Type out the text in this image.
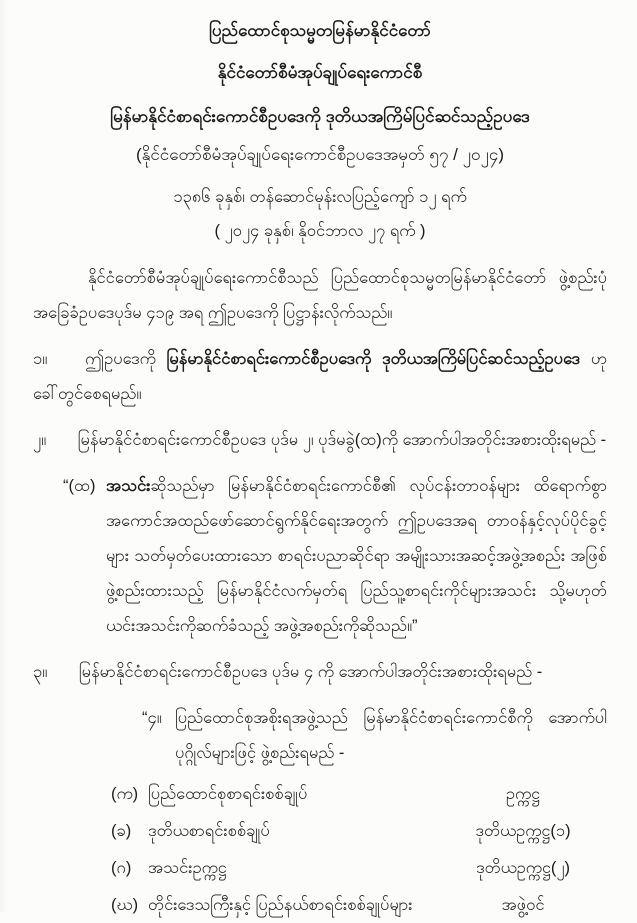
ပြည်ထောင်စုသမ္မတမြန်မာနိုင်ငံတော်
နိုင်ငံတော်စီမံအုပ်ချုပ်ရေးကောင်စီ
မြန်မာနိုင်ငံစာရင်းကောင်စီဥပဒေကို ဒုတိယအကြိမ်ပြင်ဆင်သည့်ဥပဒေ
(နိုင်ငံတော်စီမံအုပ်ချုပ်ရေးကောင်စီဥပဒေအမှတ် ၅၇ / ၂၀၂၄)
၁၃၈၆ ခုနှစ်၊ တန်ဆောင်မုန်းလပြည့်ကျော် ၁၂ ရက်
( ၂၀၂၄ ခုနှစ်၊ နိုဝင်ဘာလ ၂၇ ရက် )

နိုင်ငံတော်စီမံအုပ်ချုပ်ရေးကောင်စီသည် ပြည်ထောင်စုသမ္မတမြန်မာနိုင်ငံတော် ဖွဲ့စည်းပုံ အခြေခံဥပဒေပုဒ်မ ၄၁၉ အရ ဤဥပဒေကို ပြဋ္ဌာန်းလိုက်သည်။

၁။ ဤဥပဒေကို မြန်မာနိုင်ငံစာရင်းကောင်စီဥပဒေကို ဒုတိယအကြိမ်ပြင်ဆင်သည့်ဥပဒေ ဟု ခေါ်တွင်စေရမည်။

၂။ မြန်မာနိုင်ငံစာရင်းကောင်စီဥပဒေ ပုဒ်မ ၂၊ ပုဒ်မခွဲ(ထ)ကို အောက်ပါအတိုင်းအစားထိုးရမည် -

“(ထ) အသင်းဆိုသည်မှာ မြန်မာနိုင်ငံစာရင်းကောင်စီ၏ လုပ်ငန်းတာဝန်များ ထိရောက်စွာ အကောင်အထည်ဖော်ဆောင်ရွက်နိုင်ရေးအတွက် ဤဥပဒေအရ တာဝန်နှင့်လုပ်ပိုင်ခွင့်များ သတ်မှတ်ပေးထားသော စာရင်းပညာဆိုင်ရာ အမျိုးသားအဆင့်အဖွဲ့အစည်း အဖြစ် ဖွဲ့စည်းထားသည့် မြန်မာနိုင်ငံလက်မှတ်ရ ပြည်သူ့စာရင်းကိုင်များအသင်း သို့မဟုတ် ယင်းအသင်းကိုဆက်ခံသည့် အဖွဲ့အစည်းကိုဆိုသည်။”

၃။ မြန်မာနိုင်ငံစာရင်းကောင်စီဥပဒေ ပုဒ်မ ၄ ကို အောက်ပါအတိုင်းအစားထိုးရမည် -

“၄။ ပြည်ထောင်စုအစိုးရအဖွဲ့သည် မြန်မာနိုင်ငံစာရင်းကောင်စီကို အောက်ပါပုဂ္ဂိုလ်များဖြင့် ဖွဲ့စည်းရမည် -
(က) ပြည်ထောင်စုစာရင်းစစ်ချုပ်	ဥက္ကဋ္ဌ
(ခ)	ဒုတိယစာရင်းစစ်ချုပ်	ဒုတိယဥက္ကဋ္ဌ(၁)
(ဂ)	အသင်းဥက္ကဋ္ဌ	ဒုတိယဥက္ကဋ္ဌ(၂)
(ဃ) တိုင်းဒေသကြီးနှင့် ပြည်နယ်စာရင်းစစ်ချုပ်များ	အဖွဲ့ဝင်
